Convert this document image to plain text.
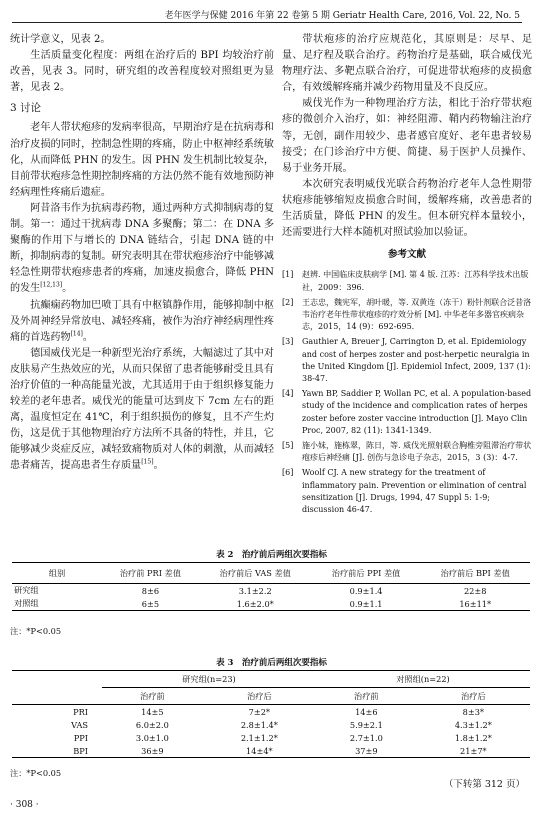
老年医学与保健 2016 年第 22 卷第 5 期 Geriatr Health Care, 2016, Vol. 22, No. 5

统计学意义，见表 2。

生活质量变化程度：两组在治疗后的 BPI 均较治疗前改善，见表 3。同时，研究组的改善程度较对照组更为显著，见表 2。

3 讨论

老年人带状疱疹的发病率很高，早期治疗是在抗病毒和治疗皮损的同时，控制急性期的疼痛，防止中枢神经系统敏化，从而降低 PHN 的发生。因 PHN 发生机制比较复杂，目前带状疱疹急性期控制疼痛的方法仍然不能有效地预防神经病理性疼痛后遗症。

阿昔洛韦作为抗病毒药物，通过两种方式抑制病毒的复制。第一：通过干扰病毒 DNA 多聚酶；第二：在 DNA 多聚酶的作用下与增长的 DNA 链结合，引起 DNA 链的中断，抑制病毒的复制。研究表明其在带状疱疹治疗中能够减轻急性期带状疱疹患者的疼痛，加速皮损愈合，降低 PHN 的发生[12,13]。

抗癫痫药物加巴喷丁具有中枢镇静作用，能够抑制中枢及外周神经异常放电、减轻疼痛，被作为治疗神经病理性疼痛的首选药物[14]。

德国威伐光是一种新型光治疗系统，大幅滤过了其中对皮肤易产生热效应的光，从而只保留了患者能够耐受且具有治疗价值的一种高能量光波，尤其适用于由于组织修复能力较差的老年患者。威伐光的能量可达到皮下 7cm 左右的距离，温度恒定在 41℃，利于组织损伤的修复，且不产生灼伤，这是优于其他物理治疗方法所不具备的特性，并且，它能够减少炎症反应，减轻致痛物质对人体的刺激，从而减轻患者痛苦，提高患者生存质量[15]。

带状疱疹的治疗应规范化，其原则是：尽早、足量、足疗程及联合治疗。药物治疗是基础，联合威伐光物理疗法、多靶点联合治疗，可促进带状疱疹的皮损愈合，有效缓解疼痛并减少药物用量及不良反应。

威伐光作为一种物理治疗方法，相比于治疗带状疱疹的微创介入治疗，如：神经阻滞、鞘内药物输注治疗等，无创，副作用较少、患者感官度好、老年患者较易接受；在门诊治疗中方便、简捷、易于医护人员操作、易于业务开展。

本次研究表明威伐光联合药物治疗老年人急性期带状疱疹能够缩短皮损愈合时间，缓解疼痛，改善患者的生活质量，降低 PHN 的发生。但本研究样本量较小，还需要进行大样本随机对照试验加以验证。

参考文献
[1]	赵辨. 中国临床皮肤病学 [M]. 第 4 版. 江苏：江苏科学技术出版社，2009：396.
[2]	王志忠，魏宪军，胡叶暖，等. 双黄连（冻干）粉针剂联合泛昔洛韦治疗老年性带状疱疹的疗效分析 [M]. 中华老年多器官疾病杂志，2015，14 (9)：692-695.
[3]	Gauthier A, Breuer J, Carrington D, et al. Epidemiology and cost of herpes zoster and post-herpetic neuralgia in the United Kingdom [J]. Epidemiol Infect, 2009, 137 (1): 38-47.
[4]	Yawn BP, Saddier P, Wollan PC, et al. A population-based study of the incidence and complication rates of herpes zoster before zoster vaccine introduction [J]. Mayo Clin Proc, 2007, 82 (11): 1341-1349.
[5]	施小妹，施栋翠，陈日，等. 威伐光照射联合胸椎旁阻滞治疗带状疱疹后神经痛 [J]. 创伤与急诊电子杂志，2015，3 (3)：4-7.
[6]	Woolf CJ. A new strategy for the treatment of inflammatory pain. Prevention or elimination of central sensitization [J]. Drugs, 1994, 47 Suppl 5: 1-9; discussion 46-47.
表 2　治疗前后两组次要指标
组别	治疗前 PRI 差值	治疗前后 VAS 差值	治疗前后 PPI 差值	治疗前后 BPI 差值
研究组	8±6	3.1±2.2	0.9±1.4	22±8
对照组	6±5	1.6±2.0*	0.9±1.1	16±11*
注：*P<0.05
表 3　治疗前后两组次要指标
	研究组(n=23)		对照组(n=22)	
	治疗前	治疗后	治疗前	治疗后
PRI	14±5	7±2*	14±6	8±3*
VAS	6.0±2.0	2.8±1.4*	5.9±2.1	4.3±1.2*
PPI	3.0±1.0	2.1±1.2*	2.7±1.0	1.8±1.2*
BPI	36±9	14±4*	37±9	21±7*
注：*P<0.05
（下转第 312 页）
· 308 ·
